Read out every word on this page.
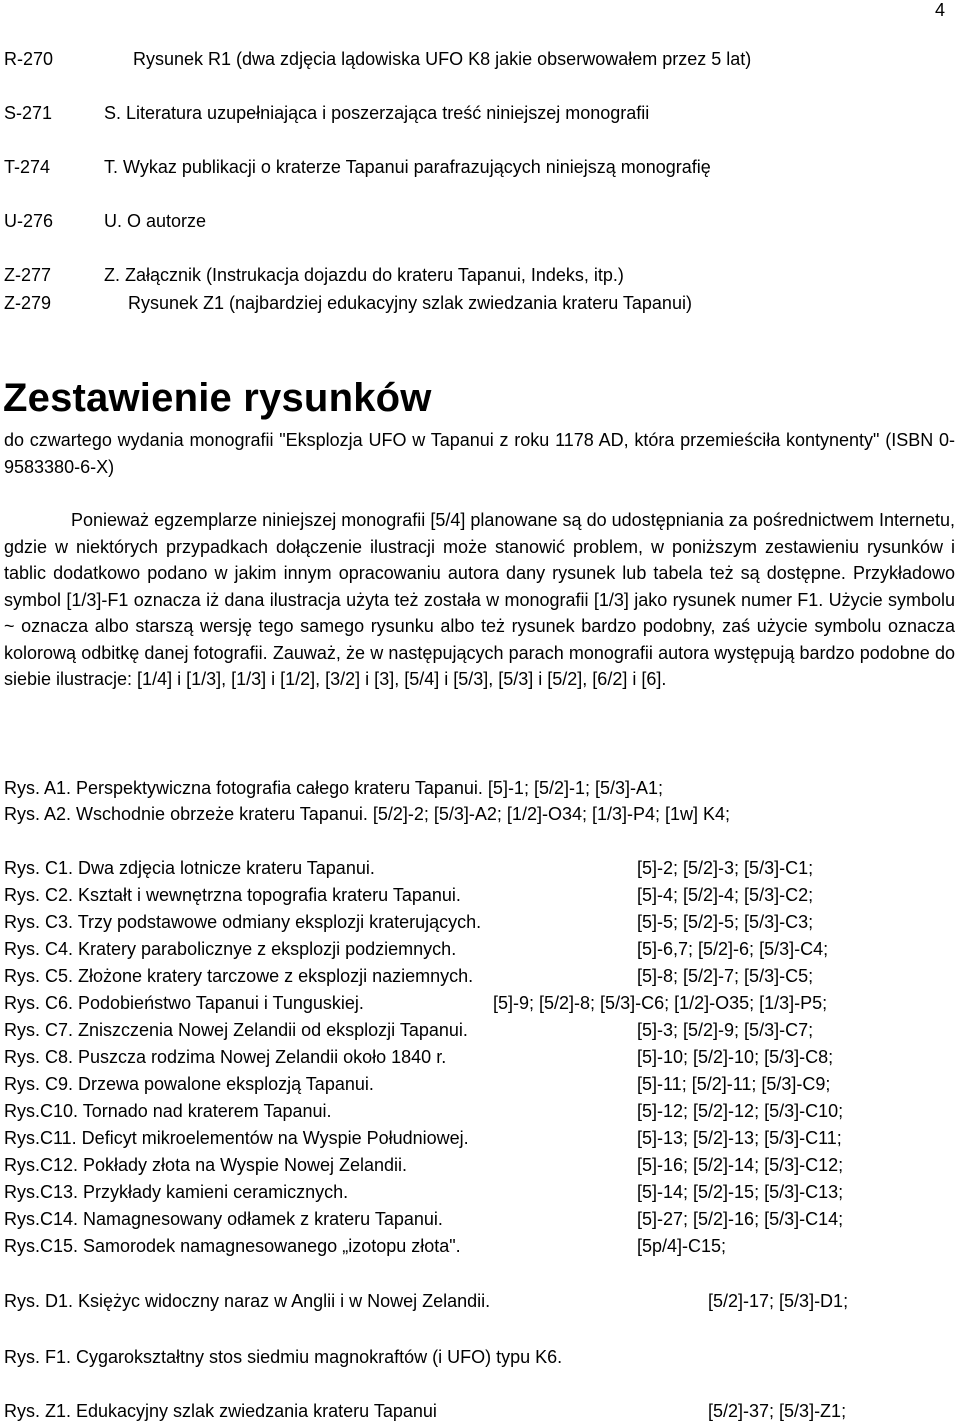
4
R-270	Rysunek R1 (dwa zdjęcia lądowiska UFO K8 jakie obserwowałem przez 5 lat)
S-271	S. Literatura uzupełniająca i poszerzająca treść niniejszej monografii
T-274	T. Wykaz publikacji o kraterze Tapanui parafrazujących niniejszą monografię
U-276	U. O autorze
Z-277	Z. Załącznik (Instrukacja dojazdu do krateru Tapanui, Indeks, itp.)
Z-279	Rysunek Z1 (najbardziej edukacyjny szlak zwiedzania krateru Tapanui)
Zestawienie rysunków
do czwartego wydania monografii "Eksplozja UFO w Tapanui z roku 1178 AD, która przemieściła kontynenty" (ISBN 0-9583380-6-X)
Ponieważ egzemplarze niniejszej monografii [5/4] planowane są do udostępniania za pośrednictwem Internetu, gdzie w niektórych przypadkach dołączenie ilustracji może stanowić problem, w poniższym zestawieniu rysunków i tablic dodatkowo podano w jakim innym opracowaniu autora dany rysunek lub tabela też są dostępne. Przykładowo symbol [1/3]-F1 oznacza iż dana ilustracja użyta też została w monografii [1/3] jako rysunek numer F1. Użycie symbolu ~ oznacza albo starszą wersję tego samego rysunku albo też rysunek bardzo podobny, zaś użycie symbolu oznacza kolorową odbitkę danej fotografii. Zauważ, że w następujących parach monografii autora występują bardzo podobne do siebie ilustracje: [1/4] i [1/3], [1/3] i [1/2], [3/2] i [3], [5/4] i [5/3], [5/3] i [5/2], [6/2] i [6].
Rys. A1. Perspektywiczna fotografia całego krateru Tapanui. [5]-1; [5/2]-1; [5/3]-A1;
Rys. A2. Wschodnie obrzeże krateru Tapanui. [5/2]-2; [5/3]-A2; [1/2]-O34; [1/3]-P4; [1w] K4;
Rys. C1. Dwa zdjęcia lotnicze krateru Tapanui.	[5]-2; [5/2]-3; [5/3]-C1;
Rys. C2. Kształt i wewnętrzna topografia krateru Tapanui.	[5]-4; [5/2]-4; [5/3]-C2;
Rys. C3. Trzy podstawowe odmiany eksplozji kraterujących.	[5]-5; [5/2]-5; [5/3]-C3;
Rys. C4. Kratery parabolicznye z eksplozji podziemnych.	[5]-6,7; [5/2]-6; [5/3]-C4;
Rys. C5. Złożone kratery tarczowe z eksplozji naziemnych.	[5]-8; [5/2]-7; [5/3]-C5;
Rys. C6. Podobieństwo Tapanui i Tunguskiej.	[5]-9; [5/2]-8; [5/3]-C6; [1/2]-O35; [1/3]-P5;
Rys. C7. Zniszczenia Nowej Zelandii od eksplozji Tapanui.	[5]-3; [5/2]-9; [5/3]-C7;
Rys. C8. Puszcza rodzima Nowej Zelandii około 1840 r.	[5]-10; [5/2]-10; [5/3]-C8;
Rys. C9. Drzewa powalone eksplozją Tapanui.	[5]-11; [5/2]-11; [5/3]-C9;
Rys.C10. Tornado nad kraterem Tapanui.	[5]-12; [5/2]-12; [5/3]-C10;
Rys.C11. Deficyt mikroelementów na Wyspie Południowej.	[5]-13; [5/2]-13; [5/3]-C11;
Rys.C12. Pokłady złota na Wyspie Nowej Zelandii.	[5]-16; [5/2]-14; [5/3]-C12;
Rys.C13. Przykłady kamieni ceramicznych.	[5]-14; [5/2]-15; [5/3]-C13;
Rys.C14. Namagnesowany odłamek z krateru Tapanui.	[5]-27; [5/2]-16; [5/3]-C14;
Rys.C15. Samorodek namagnesowanego „izotopu złota".	[5p/4]-C15;
Rys. D1. Księżyc widoczny naraz w Anglii i w Nowej Zelandii.	[5/2]-17; [5/3]-D1;
Rys. F1. Cygarokształtny stos siedmiu magnokraftów (i UFO) typu K6.
Rys. Z1. Edukacyjny szlak zwiedzania krateru Tapanui	[5/2]-37; [5/3]-Z1;
